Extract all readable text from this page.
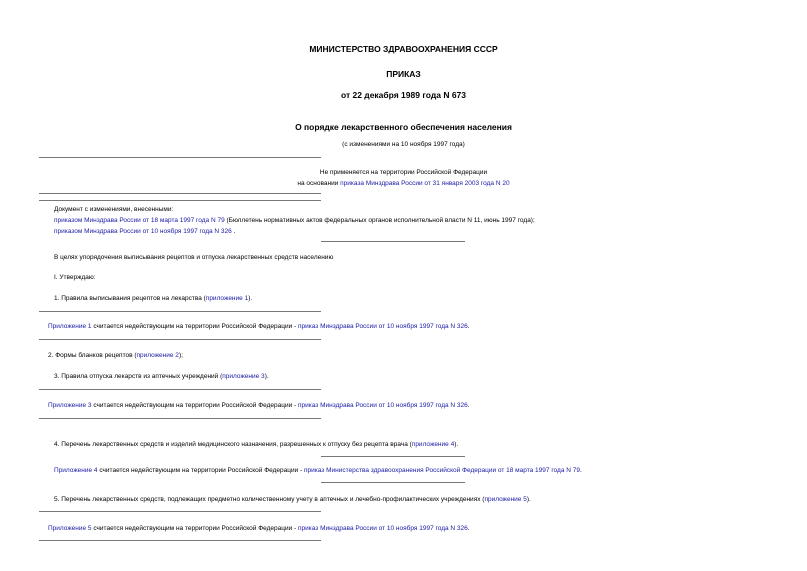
МИНИСТЕРСТВО ЗДРАВООХРАНЕНИЯ СССР
ПРИКАЗ
от 22 декабря 1989 года N 673
О порядке лекарственного обеспечения населения
(с изменениями на 10 ноября 1997 года)
Не применяется на территории Российской Федерации
на основании приказа Минздрава России от 31 января 2003 года N 20
Документ с изменениями, внесенными:
приказом Минздрава России от 18 марта 1997 года N 79 (Бюллетень нормативных актов федеральных органов исполнительной власти N 11, июнь 1997 года);
приказом Минздрава России от 10 ноября 1997 года N 326 .
В целях упорядочения выписывания рецептов и отпуска лекарственных средств населению
I. Утверждаю:
1. Правила выписывания рецептов на лекарства (приложение 1).
Приложение 1 считается недействующим на территории Российской Федерации - приказ Минздрава России от 10 ноября 1997 года N 326.
2. Формы бланков рецептов (приложение 2);
3. Правила отпуска лекарств из аптечных учреждений (приложение 3).
Приложение 3 считается недействующим на территории Российской Федерации - приказ Минздрава России от 10 ноября 1997 года N 326.
4. Перечень лекарственных средств и изделий медицинского назначения, разрешенных к отпуску без рецепта врача (приложение 4).
Приложение 4 считается недействующим на территории Российской Федерации - приказ Министерства здравоохранения Российской Федерации от 18 марта 1997 года N 79.
5. Перечень лекарственных средств, подлежащих предметно количественному учету в аптечных и лечебно-профилактических учреждениях (приложение 5).
Приложение 5 считается недействующим на территории Российской Федерации - приказ Минздрава России от 10 ноября 1997 года N 326.
